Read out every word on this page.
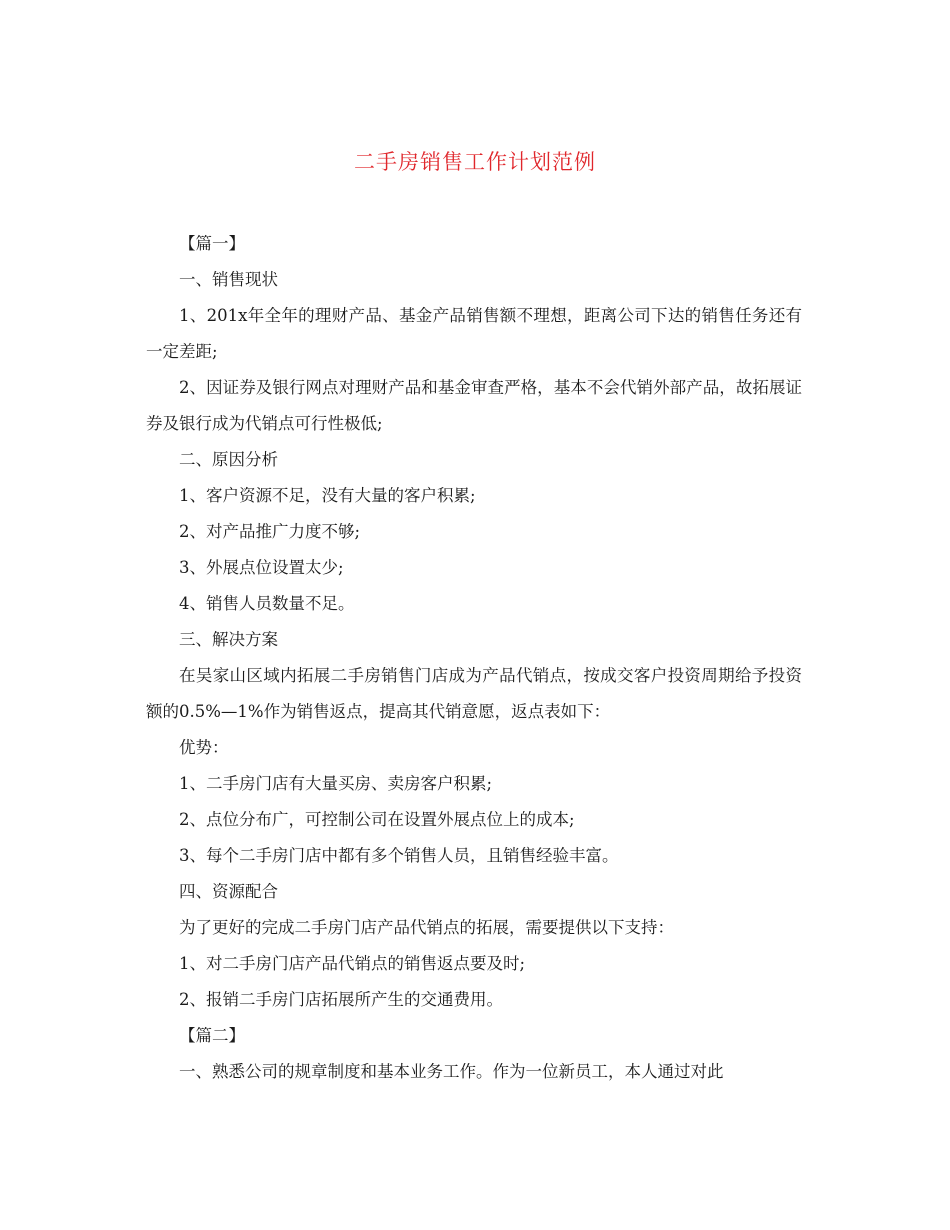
二手房销售工作计划范例

【篇一】

一、销售现状

1、201x年全年的理财产品、基金产品销售额不理想，距离公司下达的销售任务还有一定差距;

2、因证券及银行网点对理财产品和基金审查严格，基本不会代销外部产品，故拓展证券及银行成为代销点可行性极低;

二、原因分析

1、客户资源不足，没有大量的客户积累;

2、对产品推广力度不够;

3、外展点位设置太少;

4、销售人员数量不足。

三、解决方案

在吴家山区域内拓展二手房销售门店成为产品代销点，按成交客户投资周期给予投资额的0.5%—1%作为销售返点，提高其代销意愿，返点表如下：

优势：

1、二手房门店有大量买房、卖房客户积累;

2、点位分布广，可控制公司在设置外展点位上的成本;

3、每个二手房门店中都有多个销售人员，且销售经验丰富。

四、资源配合

为了更好的完成二手房门店产品代销点的拓展，需要提供以下支持：

1、对二手房门店产品代销点的销售返点要及时;

2、报销二手房门店拓展所产生的交通费用。

【篇二】

一、熟悉公司的规章制度和基本业务工作。作为一位新员工，本人通过对此
